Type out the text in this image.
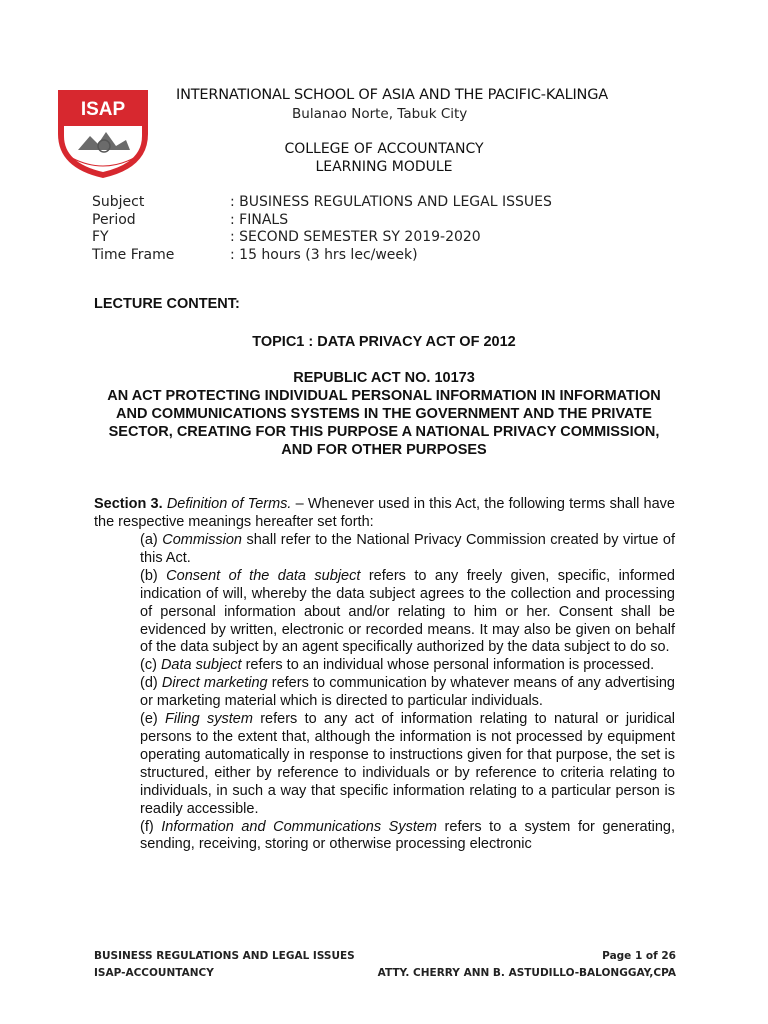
ISAP
INTERNATIONAL SCHOOL OF ASIA AND THE PACIFIC-KALINGA
Bulanao Norte, Tabuk City
COLLEGE OF ACCOUNTANCY
LEARNING MODULE
Subject	: BUSINESS REGULATIONS AND LEGAL ISSUES
Period	: FINALS
FY	: SECOND SEMESTER SY 2019-2020
Time Frame	: 15 hours (3 hrs lec/week)
LECTURE CONTENT:
TOPIC1 : DATA PRIVACY ACT OF 2012
REPUBLIC ACT NO. 10173
AN ACT PROTECTING INDIVIDUAL PERSONAL INFORMATION IN INFORMATION AND COMMUNICATIONS SYSTEMS IN THE GOVERNMENT AND THE PRIVATE SECTOR, CREATING FOR THIS PURPOSE A NATIONAL PRIVACY COMMISSION, AND FOR OTHER PURPOSES
Section 3. Definition of Terms. – Whenever used in this Act, the following terms shall have the respective meanings hereafter set forth:

(a) Commission shall refer to the National Privacy Commission created by virtue of this Act.

(b) Consent of the data subject refers to any freely given, specific, informed indication of will, whereby the data subject agrees to the collection and processing of personal information about and/or relating to him or her. Consent shall be evidenced by written, electronic or recorded means. It may also be given on behalf of the data subject by an agent specifically authorized by the data subject to do so.

(c) Data subject refers to an individual whose personal information is processed.

(d) Direct marketing refers to communication by whatever means of any advertising or marketing material which is directed to particular individuals.

(e) Filing system refers to any act of information relating to natural or juridical persons to the extent that, although the information is not processed by equipment operating automatically in response to instructions given for that purpose, the set is structured, either by reference to individuals or by reference to criteria relating to individuals, in such a way that specific information relating to a particular person is readily accessible.

(f) Information and Communications System refers to a system for generating, sending, receiving, storing or otherwise processing electronic

BUSINESS REGULATIONS AND LEGAL ISSUES	Page 1 of 26
ISAP-ACCOUNTANCY	ATTY. CHERRY ANN B. ASTUDILLO-BALONGGAY,CPA
